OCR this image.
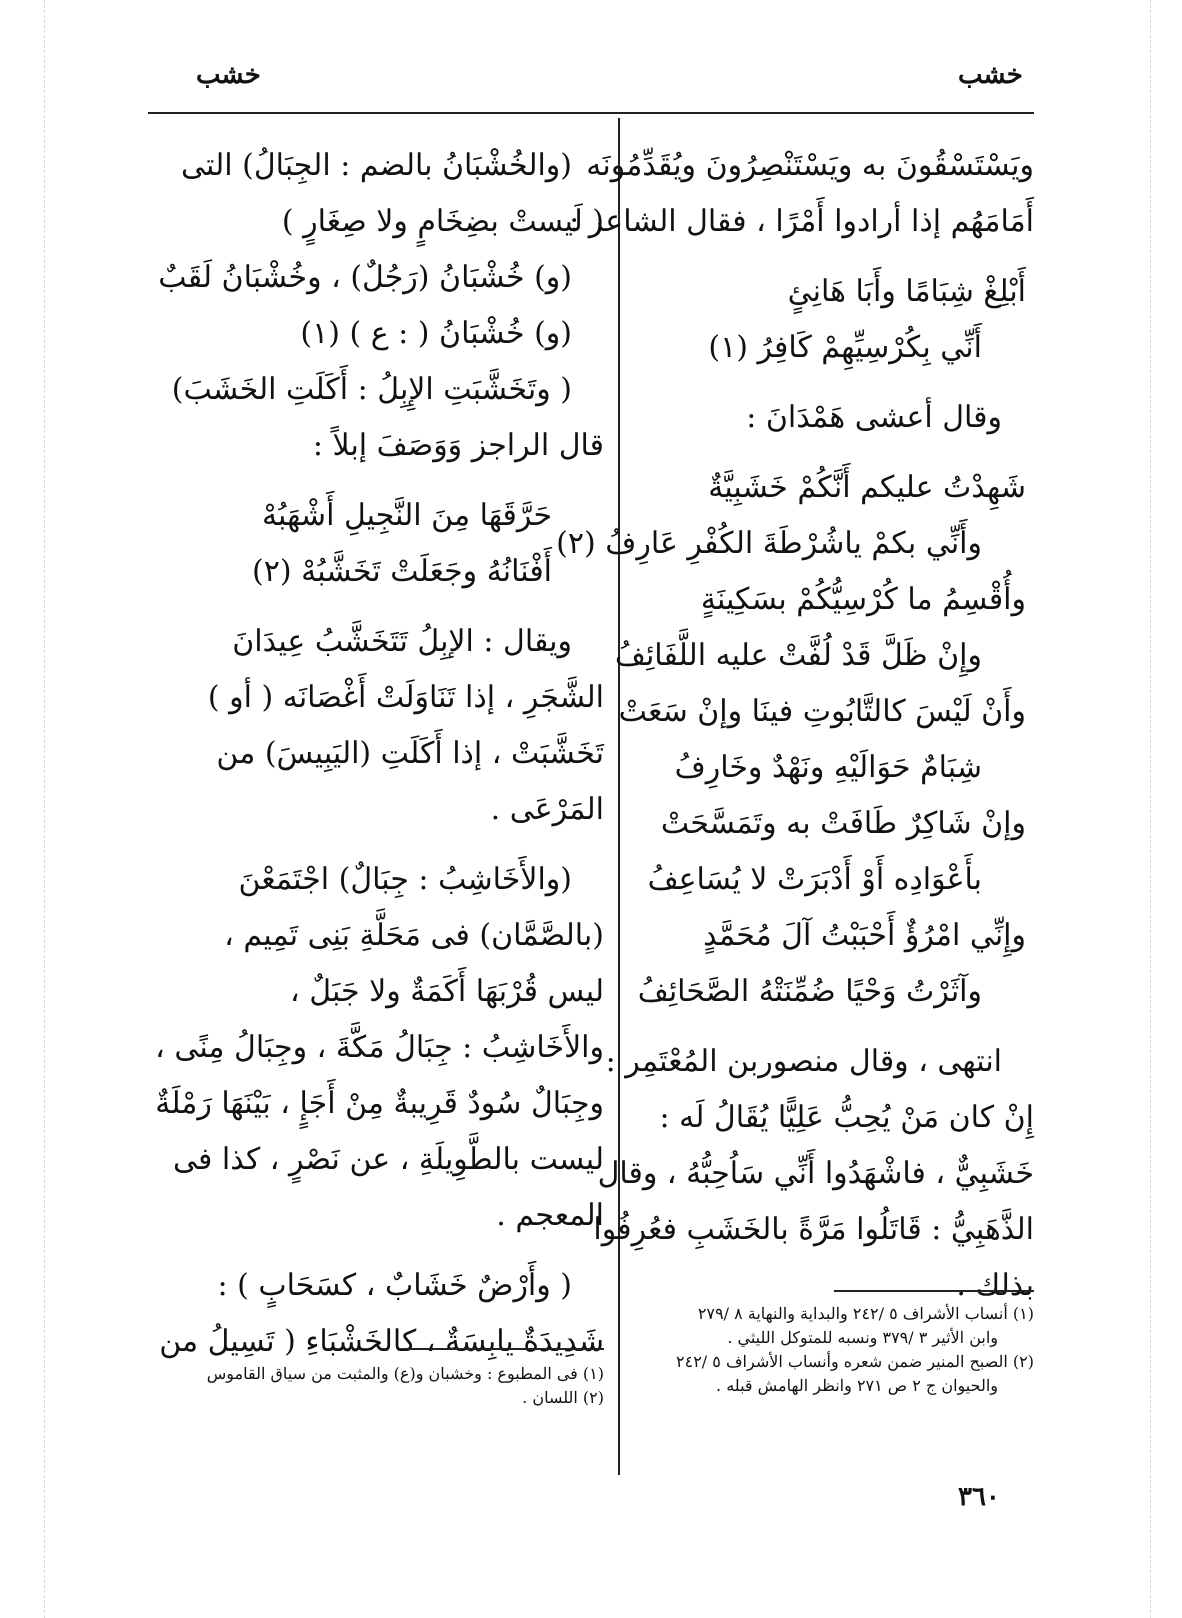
خشب	خشب
ويَسْتَسْقُونَ به ويَسْتَنْصِرُونَ ويُقَدِّمُونَه
أَمَامَهُم إذا أرادوا أَمْرًا ، فقال الشاعر :
أَبْلِغْ شِبَامًا وأَبَا هَانِئٍ
أَنِّي بِكُرْسِيِّهِمْ كَافِرُ (١)
وقال أعشى هَمْدَانَ :
شَهِدْتُ عليكم أَنَّكُمْ خَشَبِيَّةٌ
وأَنِّي بكمْ ياشُرْطَةَ الكُفْرِ عَارِفُ (٢)
وأُقْسِمُ ما كُرْسِيُّكُمْ بسَكِينَةٍ
وإِنْ ظَلَّ قَدْ لُفَّتْ عليه اللَّفَائِفُ
وأَنْ لَيْسَ كالتَّابُوتِ فينَا وإنْ سَعَتْ
شِبَامٌ حَوَالَيْهِ ونَهْدٌ وخَارِفُ
وإنْ شَاكِرٌ طَافَتْ به وتَمَسَّحَتْ
بأَعْوَادِه أَوْ أَدْبَرَتْ لا يُسَاعِفُ
وإِنِّي امْرُؤٌ أَحْبَبْتُ آلَ مُحَمَّدٍ
وآثَرْتُ وَحْيًا ضُمِّنَتْهُ الصَّحَائِفُ
انتهى ، وقال منصوربن المُعْتَمِر :
إِنْ كان مَنْ يُحِبُّ عَلِيًّا يُقَالُ لَه :
خَشَبِيٌّ ، فاشْهَدُوا أَنِّي سَاُحِبُّهُ ، وقال
الذَّهَبِيُّ : قَاتَلُوا مَرَّةً بالخَشَبِ فعُرِفُوا
بذلك .
(١) أنساب الأشراف ٥ /٢٤٢ والبداية والنهاية ٨ /٢٧٩
وابن الأثير ٣ /٣٧٩ ونسبه للمتوكل الليثي .
(٢) الصبح المنير ضمن شعره وأنساب الأشراف ٥ /٢٤٢
والحيوان ج ٢ ص ٢٧١ وانظر الهامش قبله .
(والخُشْبَانُ بالضم : الجِبَالُ) التى
( لَيستْ بضِخَامٍ ولا صِغَارٍ )
(و) خُشْبَانُ (رَجُلٌ) ، وخُشْبَانُ لَقَبٌ
(و) خُشْبَانُ ( : ع ) (١)
( وتَخَشَّبَتِ الإِبِلُ : أَكَلَتِ الخَشَبَ)
قال الراجز وَوَصَفَ إبلاً :
حَرَّقَهَا مِنَ النَّجِيلِ أَشْهَبُهْ
أَفْنَانُهُ وجَعَلَتْ تَخَشَّبُهْ (٢)
ويقال : الإبِلُ تَتَخَشَّبُ عِيدَانَ
الشَّجَرِ ، إذا تَنَاوَلَتْ أَغْصَانَه ( أو )
تَخَشَّبَتْ ، إذا أَكَلَتِ (اليَبِيسَ) من
المَرْعَى .
(والأَخَاشِبُ : جِبَالٌ) اجْتَمَعْنَ
(بالصَّمَّان) فى مَحَلَّةِ بَنِى تَمِيم ،
ليس قُرْبَهَا أَكَمَةٌ ولا جَبَلٌ ،
والأَخَاشِبُ : جِبَالُ مَكَّةَ ، وجِبَالُ مِنًى ،
وجِبَالٌ سُودٌ قَرِيبةٌ مِنْ أَجَإٍ ، بَيْنَهَا رَمْلَةٌ
ليست بالطَّوِيلَةِ ، عن نَصْرٍ ، كذا فى
المعجم .
( وأَرْضٌ خَشَابٌ ، كسَحَابٍ ) :
شَدِيدَةٌ يابِسَةٌ ، كالخَشْبَاءِ ( تَسِيلُ من
(١) فى المطبوع : وخشبان و(ع) والمثبت من سياق القاموس
(٢) اللسان .
٣٦٠
